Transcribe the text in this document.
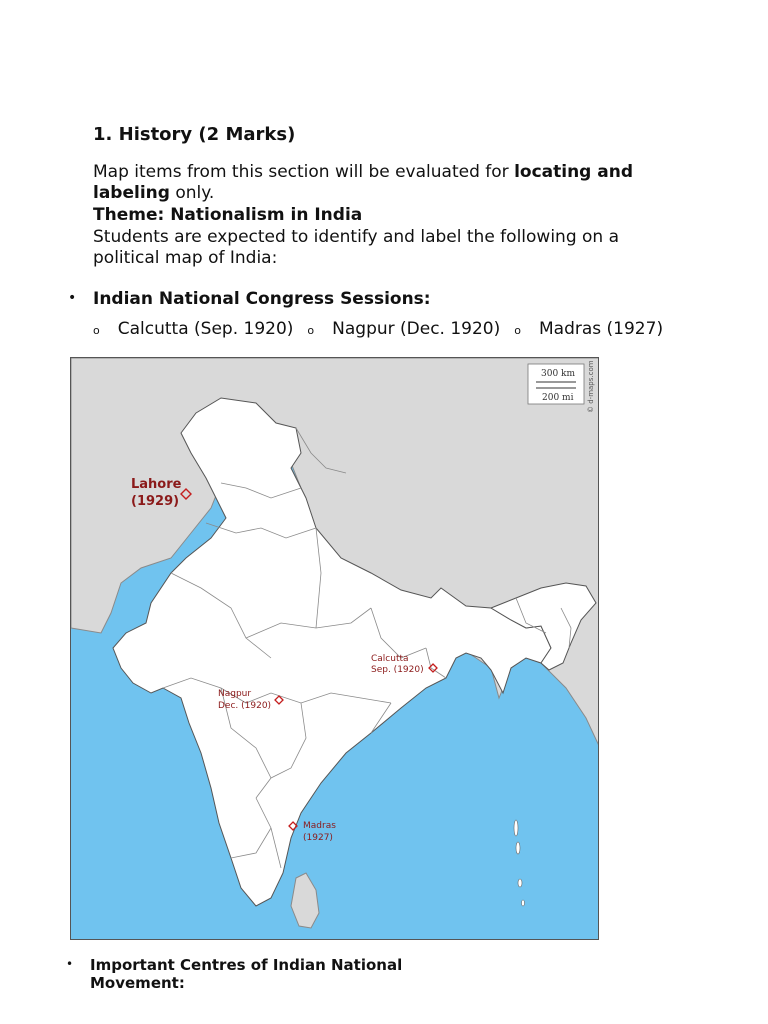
1. History (2 Marks)
Map items from this section will be evaluated for locating and labeling only.
Theme: Nationalism in India
Students are expected to identify and label the following on a political map of India:
• Indian National Congress Sessions:
o Calcutta (Sep. 1920) o Nagpur (Dec. 1920) o Madras (1927)
300 km
200 mi © d-maps.com
Lahore
(1929)
Calcutta
Sep. (1920)
Nagpur
Dec. (1920)
Madras
(1927)
• Important Centres of Indian National Movement:
